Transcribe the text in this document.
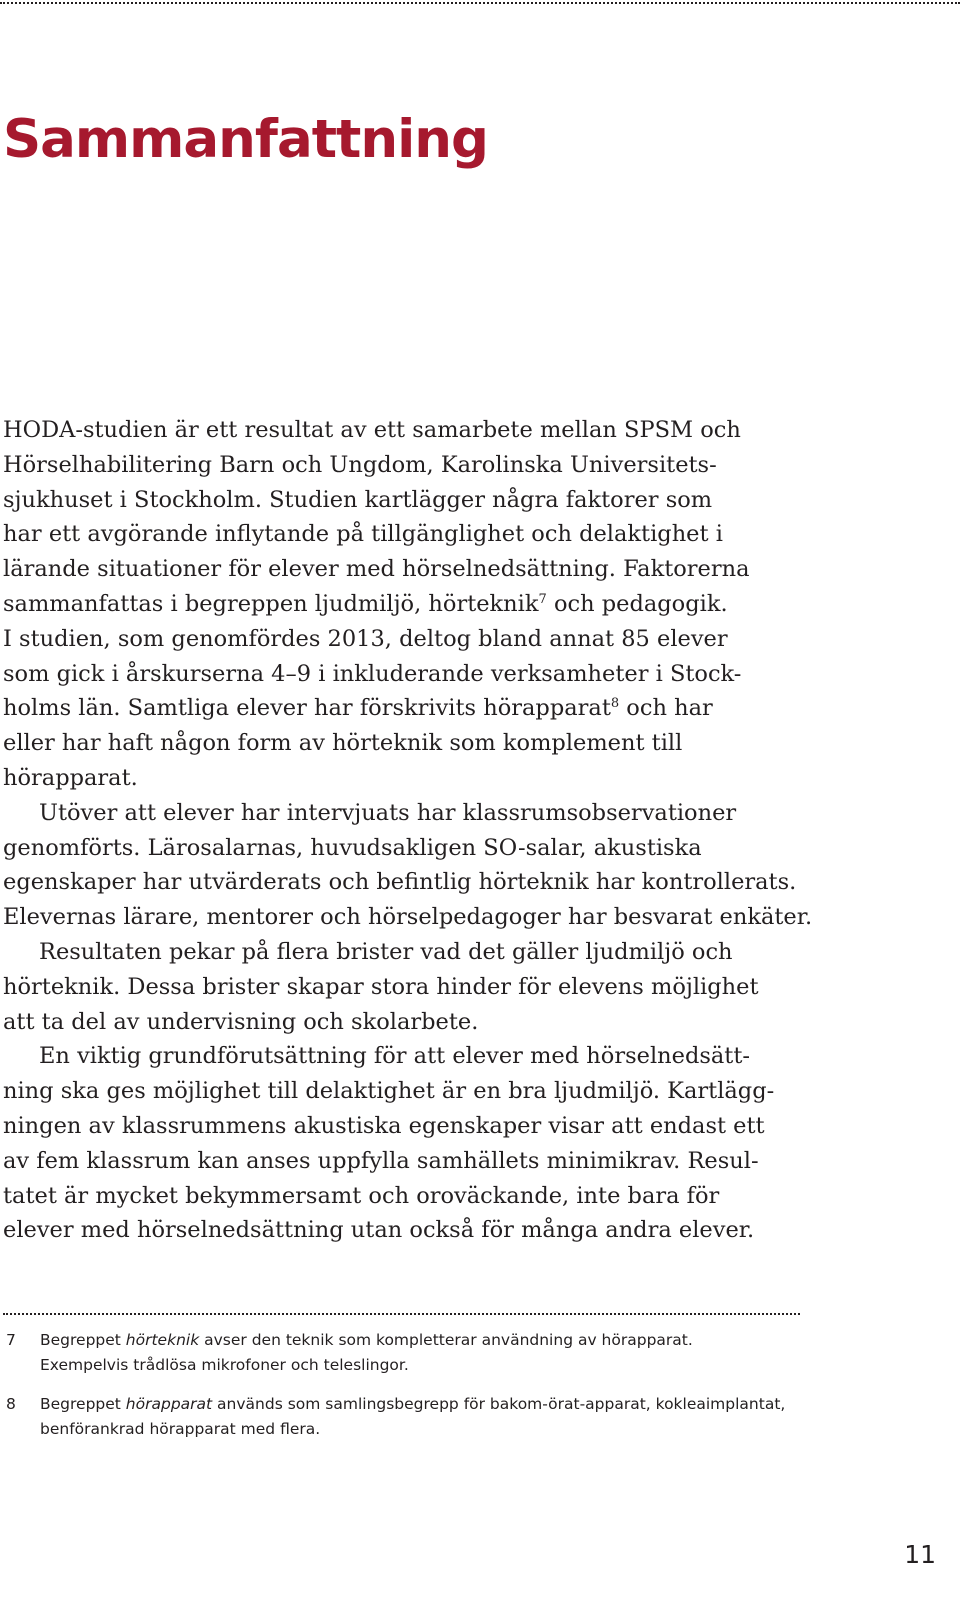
Sammanfattning

HODA-studien är ett resultat av ett samarbete mellan SPSM och

Hörselhabilitering Barn och Ungdom, Karolinska Universitets-

sjukhuset i Stockholm. Studien kartlägger några faktorer som

har ett avgörande inflytande på tillgänglighet och delaktighet i

lärande situationer för elever med hörselnedsättning. Faktorerna

sammanfattas i begreppen ljudmiljö, hörteknik$^7$ och pedagogik.

I studien, som genomfördes 2013, deltog bland annat 85 elever

som gick i årskurserna 4–9 i inkluderande verksamheter i Stock-

holms län. Samtliga elever har förskrivits hörapparat$^8$ och har

eller har haft någon form av hörteknik som komplement till

hörapparat.

Utöver att elever har intervjuats har klassrumsobservationer

genomförts. Lärosalarnas, huvudsakligen SO-salar, akustiska

egenskaper har utvärderats och befintlig hörteknik har kontrollerats.

Elevernas lärare, mentorer och hörselpedagoger har besvarat enkäter.

Resultaten pekar på flera brister vad det gäller ljudmiljö och

hörteknik. Dessa brister skapar stora hinder för elevens möjlighet

att ta del av undervisning och skolarbete.

En viktig grundförutsättning för att elever med hörselnedsätt-

ning ska ges möjlighet till delaktighet är en bra ljudmiljö. Kartlägg-

ningen av klassrummens akustiska egenskaper visar att endast ett

av fem klassrum kan anses uppfylla samhällets minimikrav. Resul-

tatet är mycket bekymmersamt och oroväckande, inte bara för

elever med hörselnedsättning utan också för många andra elever.

7 Begreppet hörteknik avser den teknik som kompletterar användning av hörapparat.
Exempelvis trådlösa mikrofoner och teleslingor.
8 Begreppet hörapparat används som samlingsbegrepp för bakom-örat-apparat, kokleaimplantat,
benförankrad hörapparat med flera.
11
